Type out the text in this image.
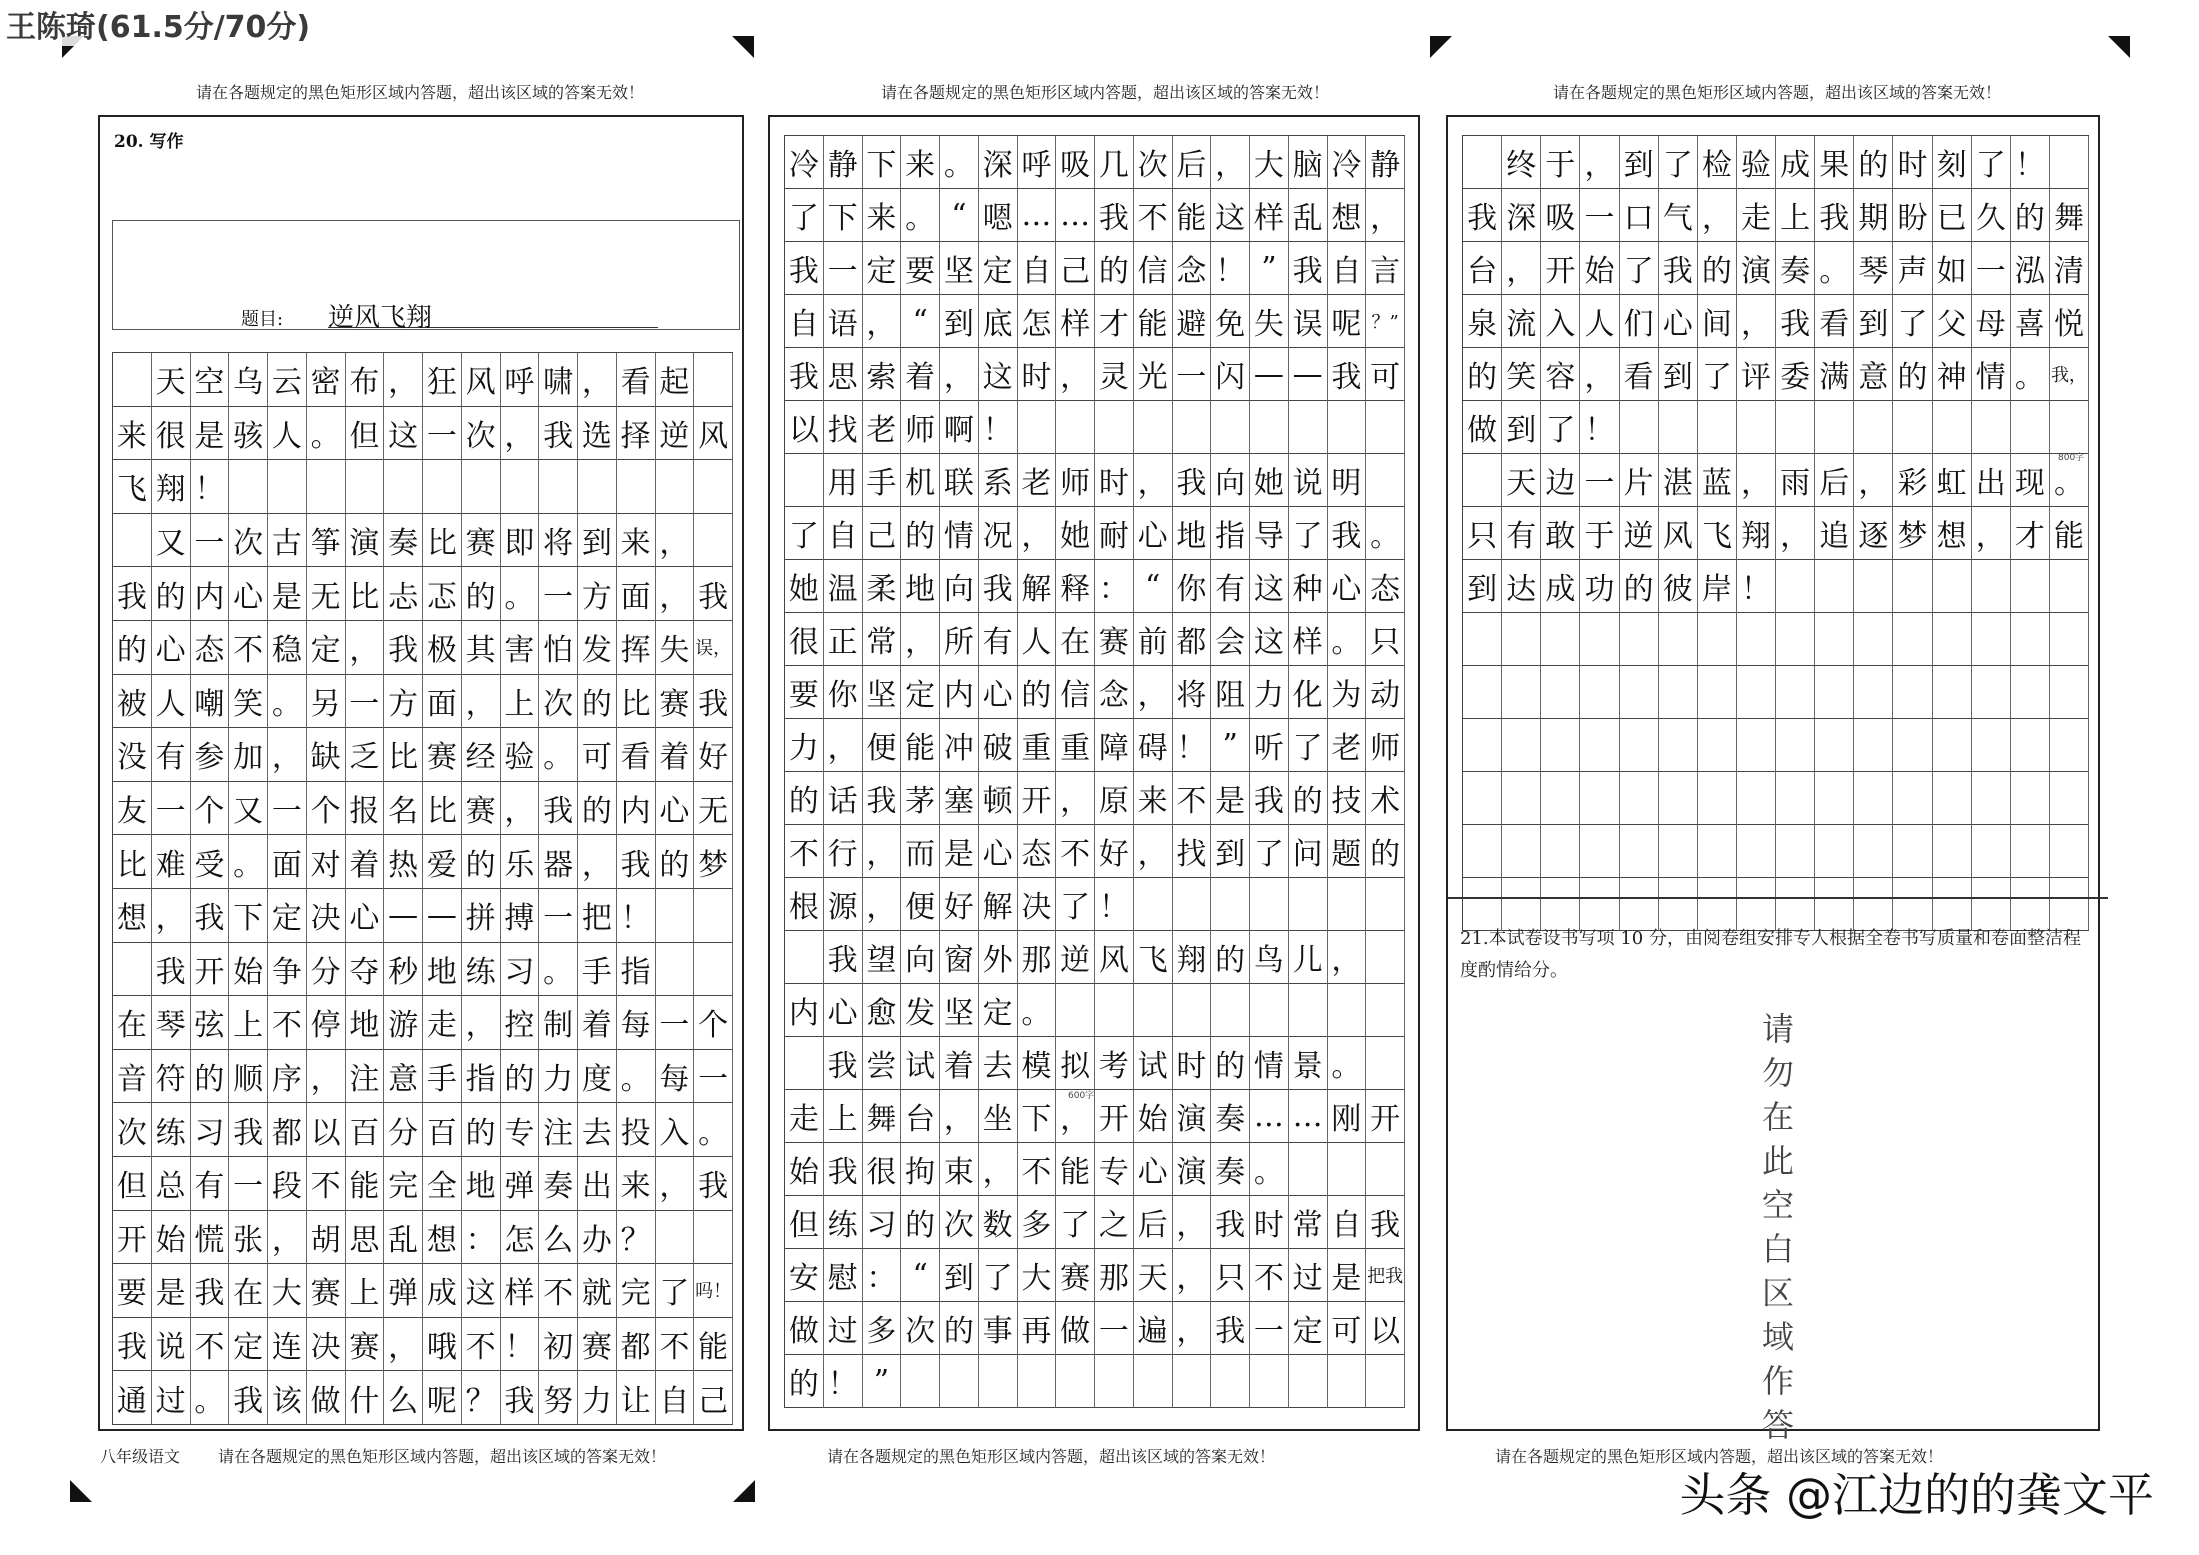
王陈琦(61.5分/70分)
请在各题规定的黑色矩形区域内答题，超出该区域的答案无效！	请在各题规定的黑色矩形区域内答题，超出该区域的答案无效！	请在各题规定的黑色矩形区域内答题，超出该区域的答案无效！
20. 写作
题目: 逆风飞翔
天 空 乌 云 密 布 ， 狂 风 呼 啸 ， 看 起
来 很 是 骇 人 。 但 这 一 次 ， 我 选 择 逆 风
飞 翔 ！
又 一 次 古 筝 演 奏 比 赛 即 将 到 来 ，
我 的 内 心 是 无 比 忐 忑 的 。 一 方 面 ， 我
的 心 态 不 稳 定 ， 我 极 其 害 怕 发 挥 失 误，
被 人 嘲 笑 。 另 一 方 面 ， 上 次 的 比 赛 我
没 有 参 加 ， 缺 乏 比 赛 经 验 。 可 看 着 好
友 一 个 又 一 个 报 名 比 赛 ， 我 的 内 心 无
比 难 受 。 面 对 着 热 爱 的 乐 器 ， 我 的 梦
想 ， 我 下 定 决 心 — — 拼 搏 一 把 ！
我 开 始 争 分 夺 秒 地 练 习 。 手 指
在 琴 弦 上 不 停 地 游 走 ， 控 制 着 每 一 个
音 符 的 顺 序 ， 注 意 手 指 的 力 度 。 每 一
次 练 习 我 都 以 百 分 百 的 专 注 去 投 入 。
但 总 有 一 段 不 能 完 全 地 弹 奏 出 来 ， 我
开 始 慌 张 ， 胡 思 乱 想 ： 怎 么 办 ？
要 是 我 在 大 赛 上 弹 成 这 样 不 就 完 了 吗！
我 说 不 定 连 决 赛 ， 哦 不 ！ 初 赛 都 不 能
通 过 。 我 该 做 什 么 呢 ？ 我 努 力 让 自 己
冷 静 下 来 。 深 呼 吸 几 次 后 ， 大 脑 冷 静
了 下 来 。 “ 嗯 … … 我 不 能 这 样 乱 想 ，
我 一 定 要 坚 定 自 己 的 信 念 ！ ” 我 自 言
自 语 ， “ 到 底 怎 样 才 能 避 免 失 误 呢 ？”
我 思 索 着 ， 这 时 ， 灵 光 一 闪 — — 我 可
以 找 老 师 啊 ！
用 手 机 联 系 老 师 时 ， 我 向 她 说 明
了 自 己 的 情 况 ， 她 耐 心 地 指 导 了 我 。
她 温 柔 地 向 我 解 释 ： “ 你 有 这 种 心 态
很 正 常 ， 所 有 人 在 赛 前 都 会 这 样 。 只
要 你 坚 定 内 心 的 信 念 ， 将 阻 力 化 为 动
力 ， 便 能 冲 破 重 重 障 碍 ！ ” 听 了 老 师
的 话 我 茅 塞 顿 开 ， 原 来 不 是 我 的 技 术
不 行 ， 而 是 心 态 不 好 ， 找 到 了 问 题 的
根 源 ， 便 好 解 决 了 ！
我 望 向 窗 外 那 逆 风 飞 翔 的 鸟 儿 ，
内 心 愈 发 坚 定 。
我 尝 试 着 去 模 拟 考 试 时 的 情 景 。
走 上 舞 台 ， 坐 下 ， 开 始 演 奏 … … 刚 开
始 我 很 拘 束 ， 不 能 专 心 演 奏 。
但 练 习 的 次 数 多 了 之 后 ， 我 时 常 自 我
安 慰 ： “ 到 了 大 赛 那 天 ， 只 不 过 是 把我
做 过 多 次 的 事 再 做 一 遍 ， 我 一 定 可 以
的 ！ ”
600字
终 于 ， 到 了 检 验 成 果 的 时 刻 了 ！
我 深 吸 一 口 气 ， 走 上 我 期 盼 已 久 的 舞
台 ， 开 始 了 我 的 演 奏 。 琴 声 如 一 泓 清
泉 流 入 人 们 心 间 ， 我 看 到 了 父 母 喜 悦
的 笑 容 ， 看 到 了 评 委 满 意 的 神 情 。 我，
做 到 了 ！
天 边 一 片 湛 蓝 ， 雨 后 ， 彩 虹 出 现 。
只 有 敢 于 逆 风 飞 翔 ， 追 逐 梦 想 ， 才 能
到 达 成 功 的 彼 岸 ！
800字
21.本试卷设书写项 10 分，由阅卷组安排专人根据全卷书写质量和卷面整洁程度酌情给分。
请勿在此空白区域作答
八年级语文 请在各题规定的黑色矩形区域内答题，超出该区域的答案无效！	请在各题规定的黑色矩形区域内答题，超出该区域的答案无效！	请在各题规定的黑色矩形区域内答题，超出该区域的答案无效！
头条 @江边的的龚文平
